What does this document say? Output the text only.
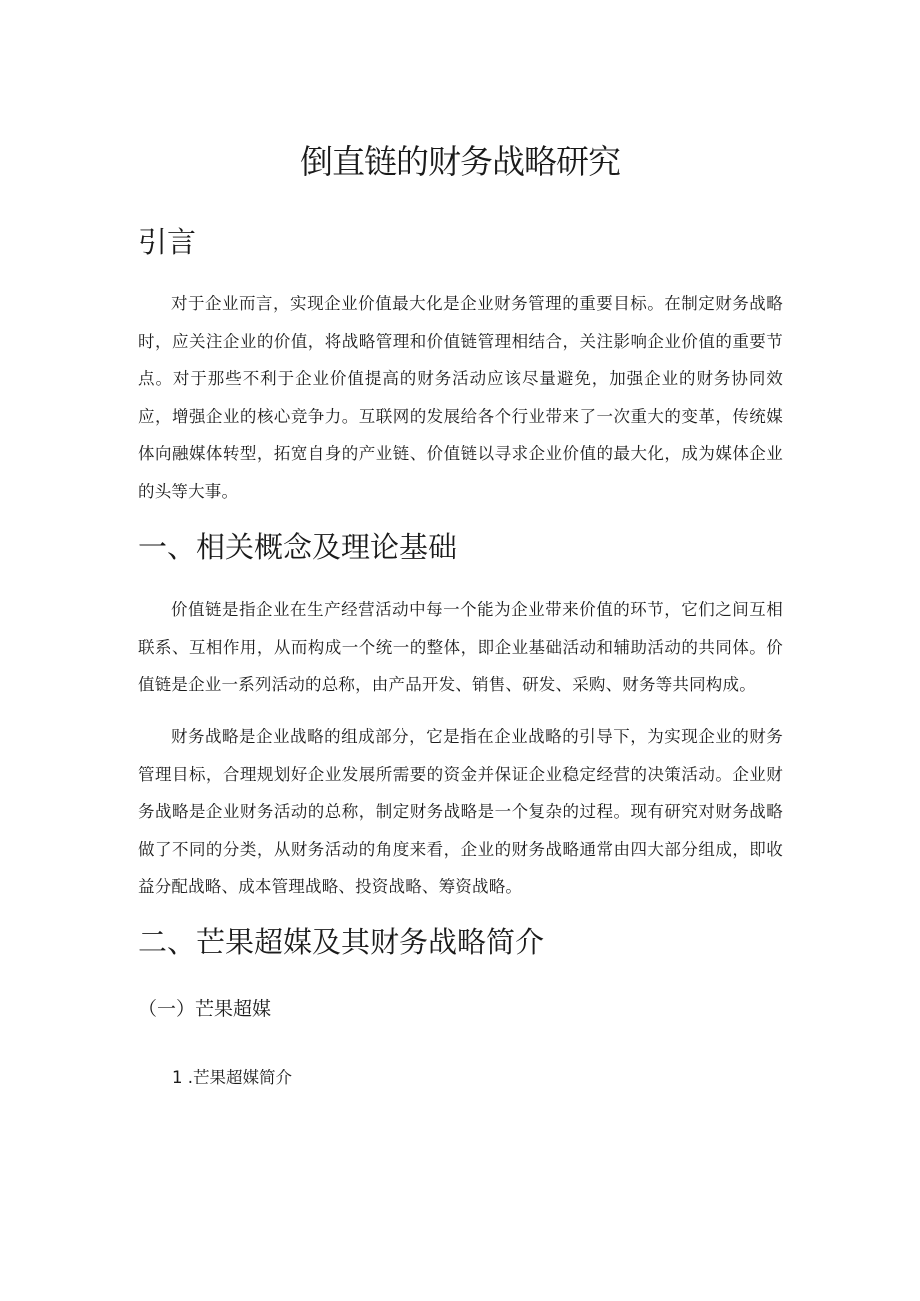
倒直链的财务战略研究
引言

对于企业而言，实现企业价值最大化是企业财务管理的重要目标。在制定财务战略时，应关注企业的价值，将战略管理和价值链管理相结合，关注影响企业价值的重要节点。对于那些不利于企业价值提高的财务活动应该尽量避免，加强企业的财务协同效应，增强企业的核心竞争力。互联网的发展给各个行业带来了一次重大的变革，传统媒体向融媒体转型，拓宽自身的产业链、价值链以寻求企业价值的最大化，成为媒体企业的头等大事。

一、相关概念及理论基础

价值链是指企业在生产经营活动中每一个能为企业带来价值的环节，它们之间互相联系、互相作用，从而构成一个统一的整体，即企业基础活动和辅助活动的共同体。价值链是企业一系列活动的总称，由产品开发、销售、研发、采购、财务等共同构成。

财务战略是企业战略的组成部分，它是指在企业战略的引导下，为实现企业的财务管理目标，合理规划好企业发展所需要的资金并保证企业稳定经营的决策活动。企业财务战略是企业财务活动的总称，制定财务战略是一个复杂的过程。现有研究对财务战略做了不同的分类，从财务活动的角度来看，企业的财务战略通常由四大部分组成，即收益分配战略、成本管理战略、投资战略、筹资战略。

二、芒果超媒及其财务战略简介
（一）芒果超媒
1 .芒果超媒简介
